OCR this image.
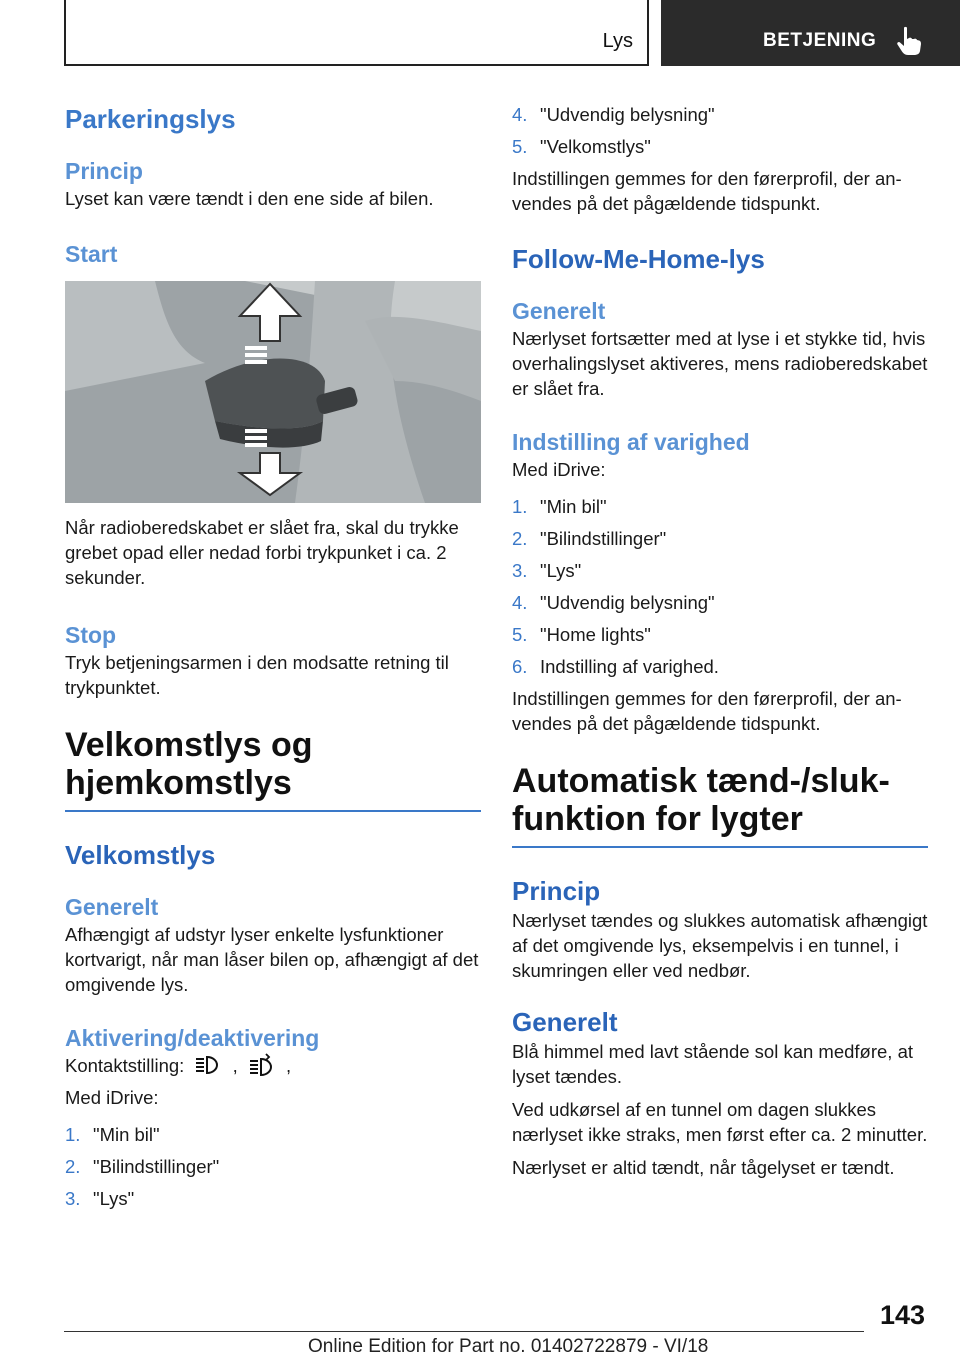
Lys	BETJENING
Parkeringslys
Princip

Lyset kan være tændt i den ene side af bilen.

Start

Når radioberedskabet er slået fra, skal du trykke grebet opad eller nedad forbi trykpunket i ca. 2 sekunder.

Stop

Tryk betjeningsarmen i den modsatte retning til trykpunktet.

Velkomstlys og
hjemkomstlys
Velkomstlys
Generelt

Afhængigt af udstyr lyser enkelte lysfunktioner kortvarigt, når man låser bilen op, afhængigt af det omgivende lys.

Aktivering/deaktivering

Kontaktstilling:	,	,

Med iDrive:

1. "Min bil"
2. "Bilindstillinger"
3. "Lys"
4. "Udvendig belysning"
5. "Velkomstlys"

Indstillingen gemmes for den førerprofil, der anvendes på det pågældende tidspunkt.

Follow-Me-Home-lys
Generelt

Nærlyset fortsætter med at lyse i et stykke tid, hvis overhalingslyset aktiveres, mens radioberedskabet er slået fra.

Indstilling af varighed

Med iDrive:

1. "Min bil"
2. "Bilindstillinger"
3. "Lys"
4. "Udvendig belysning"
5. "Home lights"
6. Indstilling af varighed.

Indstillingen gemmes for den førerprofil, der anvendes på det pågældende tidspunkt.

Automatisk tænd-/sluk-
funktion for lygter
Princip

Nærlyset tændes og slukkes automatisk afhængigt af det omgivende lys, eksempelvis i en tunnel, i skumringen eller ved nedbør.

Generelt

Blå himmel med lavt stående sol kan medføre, at lyset tændes.

Ved udkørsel af en tunnel om dagen slukkes nærlyset ikke straks, men først efter ca. 2 minutter.

Nærlyset er altid tændt, når tågelyset er tændt.

143
Online Edition for Part no. 01402722879 - VI/18
